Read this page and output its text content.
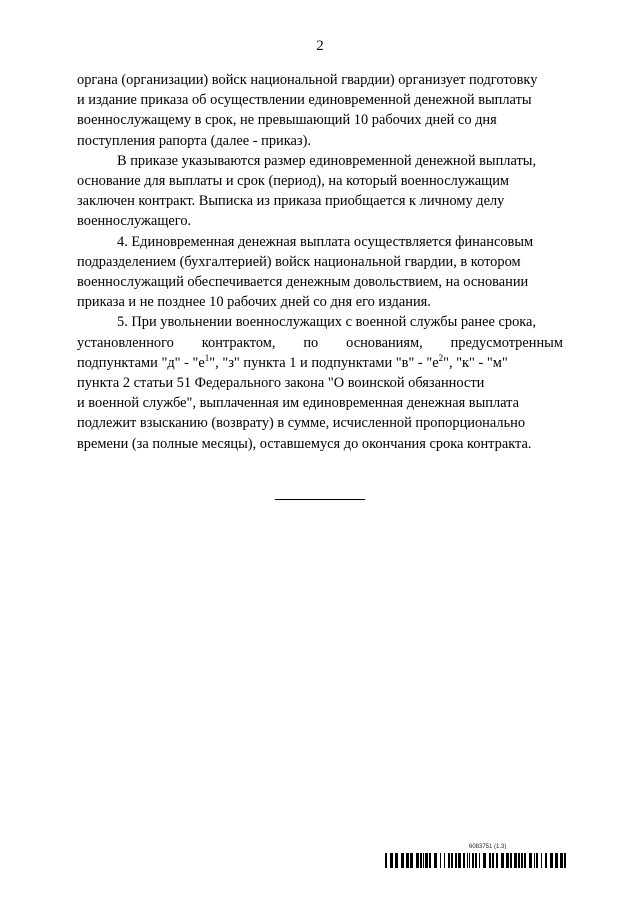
2
органа (организации) войск национальной гвардии) организует подготовку
и издание приказа об осуществлении единовременной денежной выплаты
военнослужащему в срок, не превышающий 10 рабочих дней со дня
поступления рапорта (далее - приказ).
В приказе указываются размер единовременной денежной выплаты,
основание для выплаты и срок (период), на который военнослужащим
заключен контракт. Выписка из приказа приобщается к личному делу
военнослужащего.
4. Единовременная денежная выплата осуществляется финансовым
подразделением (бухгалтерией) войск национальной гвардии, в котором
военнослужащий обеспечивается денежным довольствием, на основании
приказа и не позднее 10 рабочих дней со дня его издания.
5. При увольнении военнослужащих с военной службы ранее срока,
установленного контрактом, по основаниям, предусмотренным
подпунктами "д" - "$е^1$", "з" пункта 1 и подпунктами "в" - "$е^2$", "к" - "м"
пункта 2 статьи 51 Федерального закона "О воинской обязанности
и военной службе", выплаченная им единовременная денежная выплата
подлежит взысканию (возврату) в сумме, исчисленной пропорционально
времени (за полные месяцы), оставшемуся до окончания срока контракта.
6083751 (1.3)
